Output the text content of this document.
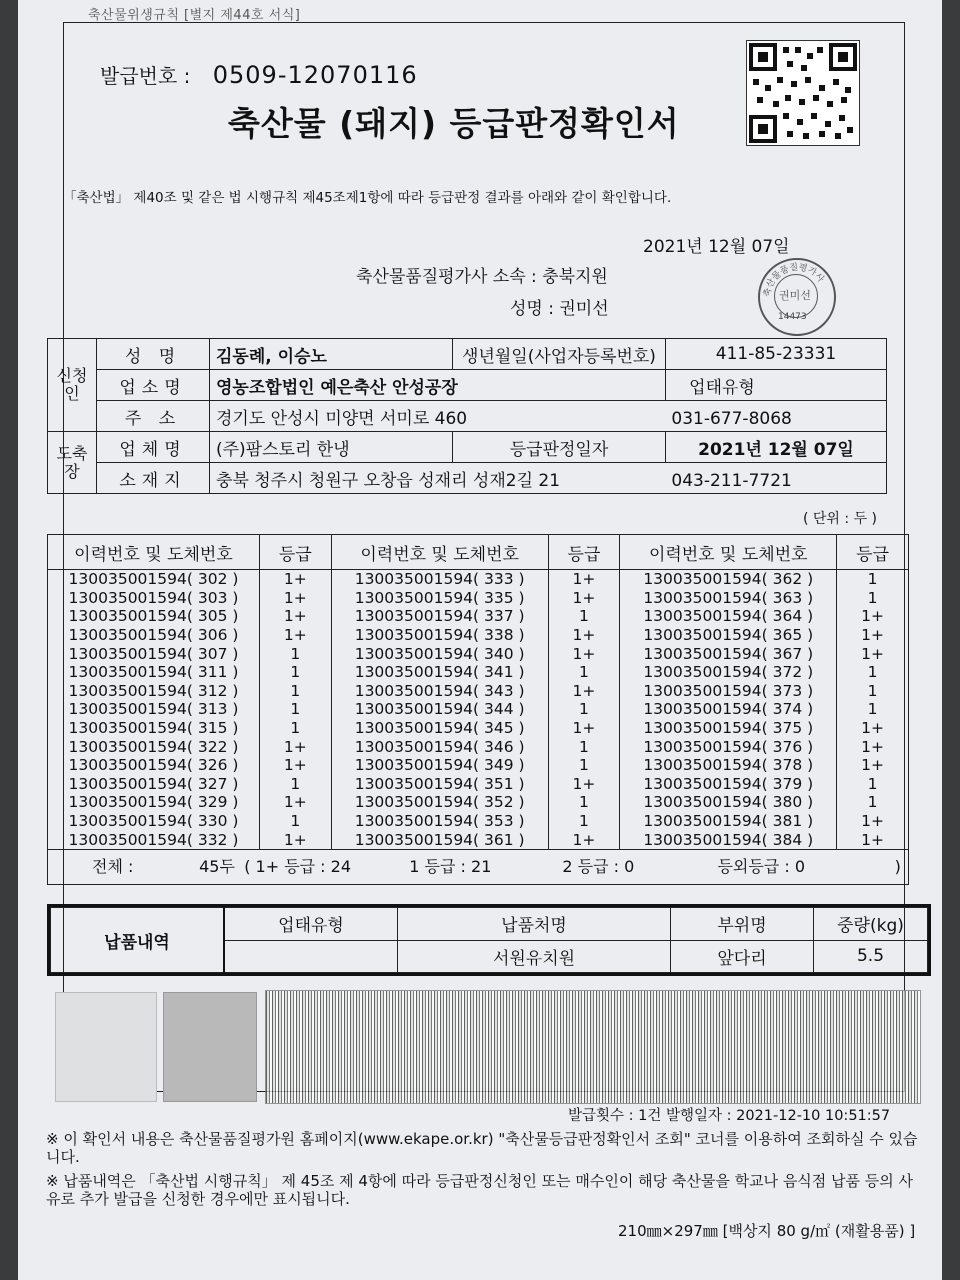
축산물위생규칙 [별지 제44호 서식]
발급번호 : 0509-12070116
축산물 (돼지) 등급판정확인서
「축산법」 제40조 및 같은 법 시행규칙 제45조제1항에 따라 등급판정 결과를 아래와 같이 확인합니다.
2021년 12월 07일
축산물품질평가사 소속 : 충북지원
성명 : 권미선
축산물품질평가사
권미선
14473
신청인	성 명	김동례, 이승노	생년월일(사업자등록번호)	411-85-23331
	업소명	영농조합법인 예은축산 안성공장		업태유형
	주 소	경기도 안성시 미양면 서미로 460 031-677-8068		
도축장	업체명	(주)팜스토리 한냉	등급판정일자	2021년 12월 07일
	소재지	충북 청주시 청원구 오창읍 성재리 성재2길 21 043-211-7721		
( 단위 : 두 )
이력번호 및 도체번호	등급	이력번호 및 도체번호	등급	이력번호 및 도체번호	등급
130035001594( 302 )	1+	130035001594( 333 )	1+	130035001594( 362 )	1
130035001594( 303 )	1+	130035001594( 335 )	1+	130035001594( 363 )	1
130035001594( 305 )	1+	130035001594( 337 )	1	130035001594( 364 )	1+
130035001594( 306 )	1+	130035001594( 338 )	1+	130035001594( 365 )	1+
130035001594( 307 )	1	130035001594( 340 )	1+	130035001594( 367 )	1+
130035001594( 311 )	1	130035001594( 341 )	1	130035001594( 372 )	1
130035001594( 312 )	1	130035001594( 343 )	1+	130035001594( 373 )	1
130035001594( 313 )	1	130035001594( 344 )	1	130035001594( 374 )	1
130035001594( 315 )	1	130035001594( 345 )	1+	130035001594( 375 )	1+
130035001594( 322 )	1+	130035001594( 346 )	1	130035001594( 376 )	1+
130035001594( 326 )	1+	130035001594( 349 )	1	130035001594( 378 )	1+
130035001594( 327 )	1	130035001594( 351 )	1+	130035001594( 379 )	1
130035001594( 329 )	1+	130035001594( 352 )	1	130035001594( 380 )	1
130035001594( 330 )	1	130035001594( 353 )	1	130035001594( 381 )	1+
130035001594( 332 )	1+	130035001594( 361 )	1+	130035001594( 384 )	1+
전체 : 45두 ( 1+ 등급 : 24 1 등급 : 21 2 등급 : 0 등외등급 : 0 )					
납품내역	업태유형	납품처명	부위명	중량(kg)
		서원유치원	앞다리	5.5
발급횟수 : 1건 발행일자 : 2021-12-10 10:51:57

※ 이 확인서 내용은 축산물품질평가원 홈페이지(www.ekape.or.kr) "축산물등급판정확인서 조회" 코너를 이용하여 조회하실 수 있습니다.

※ 납품내역은 「축산법 시행규칙」 제 45조 제 4항에 따라 등급판정신청인 또는 매수인이 해당 축산물을 학교나 음식점 납품 등의 사유로 추가 발급을 신청한 경우에만 표시됩니다.

210㎜×297㎜ [백상지 80 g/㎡ (재활용품) ]
